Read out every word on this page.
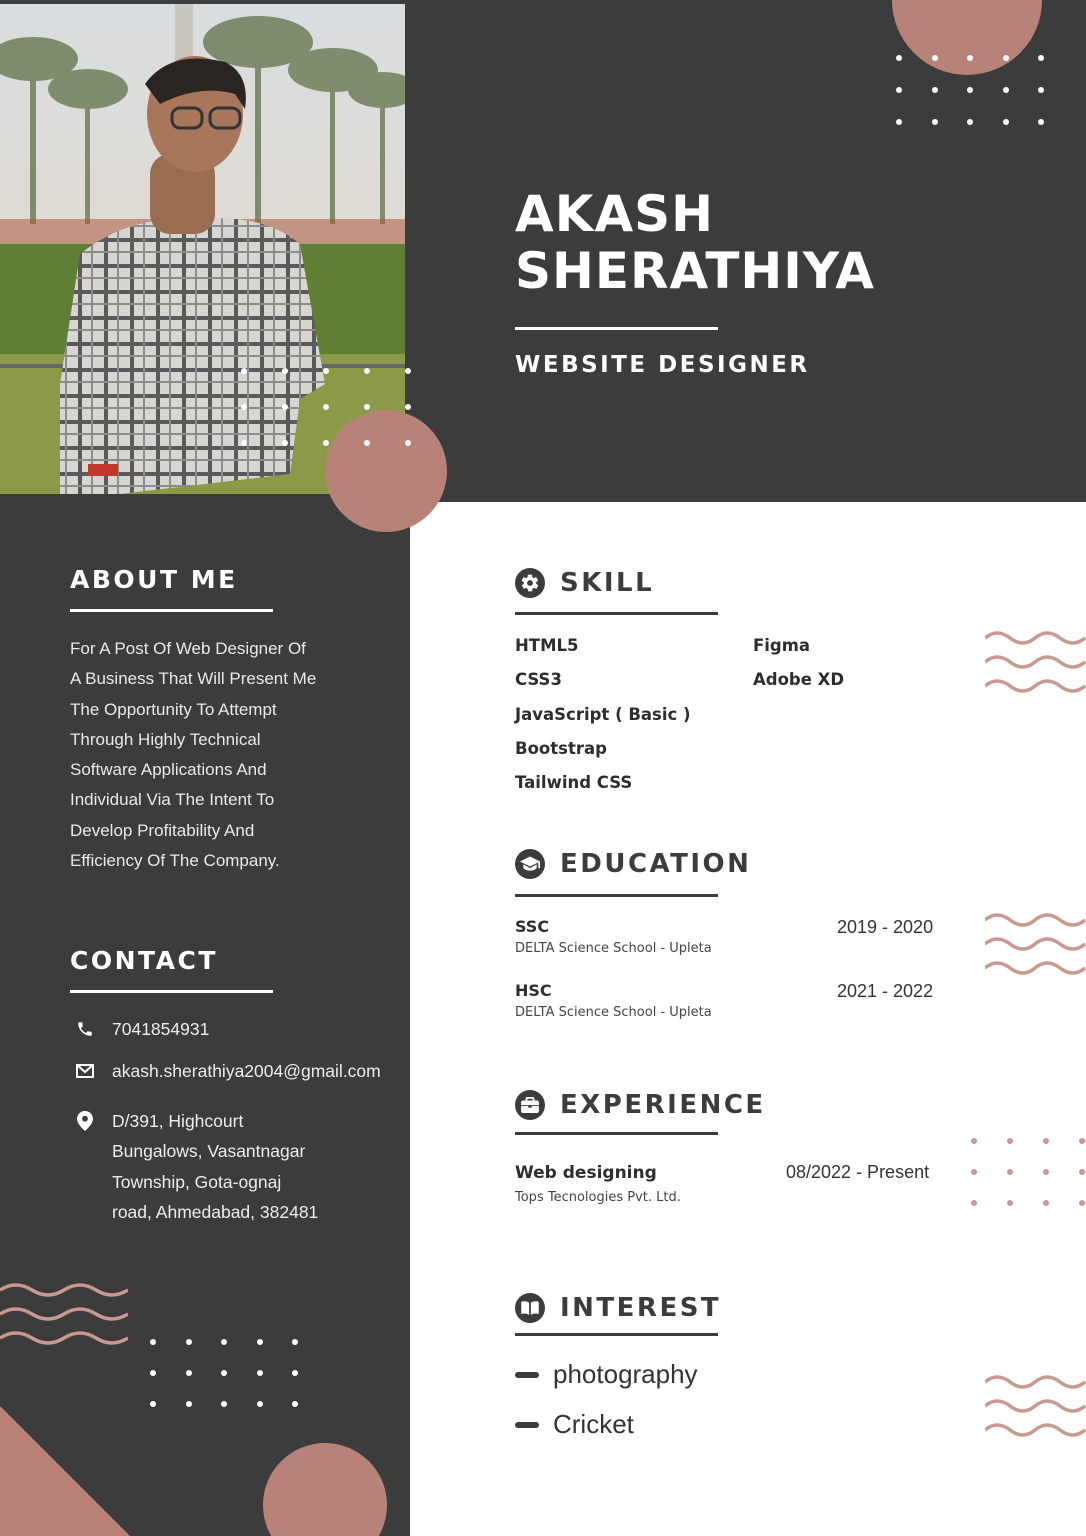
AKASH
SHERATHIYA
WEBSITE DESIGNER
ABOUT ME
For A Post Of Web Designer Of
A Business That Will Present Me
The Opportunity To Attempt
Through Highly Technical
Software Applications And
Individual Via The Intent To
Develop Profitability And
Efficiency Of The Company.
CONTACT
7041854931
akash.sherathiya2004@gmail.com
D/391, Highcourt
Bungalows, Vasantnagar
Township, Gota-ognaj
road, Ahmedabad, 382481
SKILL
HTML5
CSS3
JavaScript ( Basic )
Bootstrap
Tailwind CSS
Figma
Adobe XD
EDUCATION
SSC
DELTA Science School - Upleta
2019 - 2020
HSC
DELTA Science School - Upleta
2021 - 2022
EXPERIENCE
Web designing
Tops Tecnologies Pvt. Ltd.
08/2022 - Present
INTEREST
photography
Cricket
